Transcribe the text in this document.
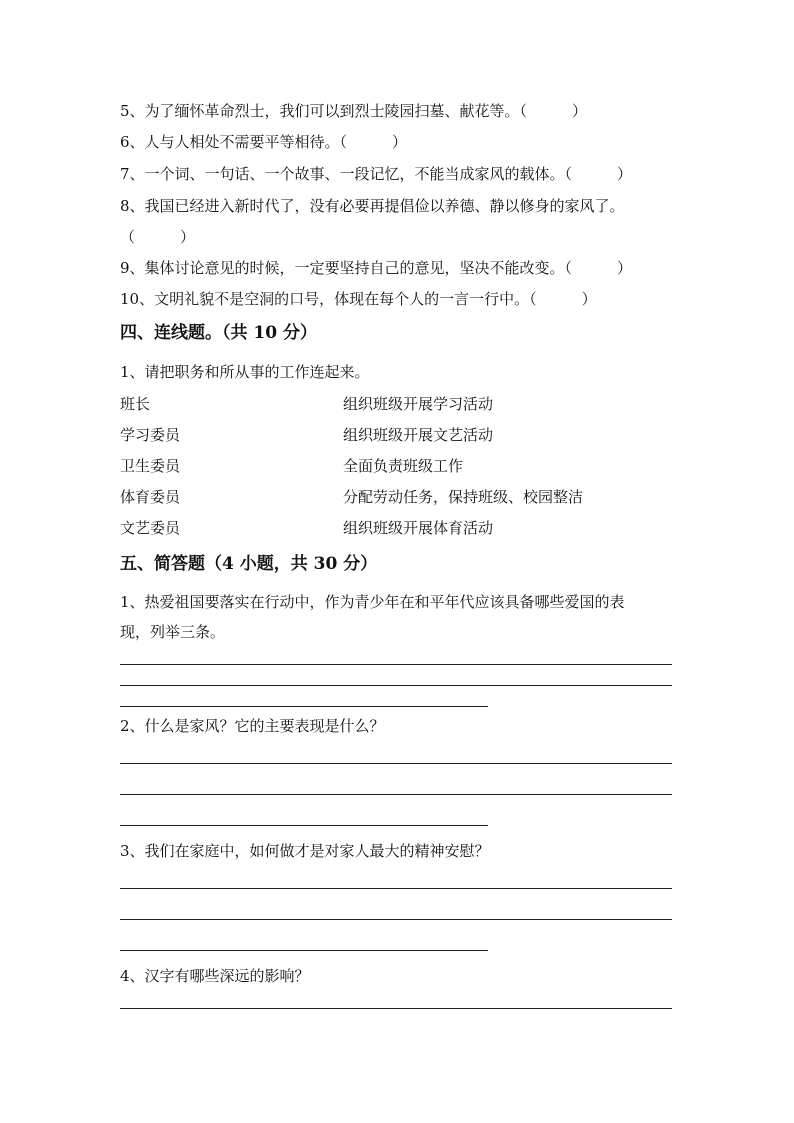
5、为了缅怀革命烈士，我们可以到烈士陵园扫墓、献花等。（　　　）
6、人与人相处不需要平等相待。（　　　）
7、一个词、一句话、一个故事、一段记忆，不能当成家风的载体。（　　　）
8、我国已经进入新时代了，没有必要再提倡俭以养德、静以修身的家风了。
（　　　）
9、集体讨论意见的时候，一定要坚持自己的意见，坚决不能改变。（　　　）
10、文明礼貌不是空洞的口号，体现在每个人的一言一行中。（　　　）
四、连线题。（共 10 分）
1、请把职务和所从事的工作连起来。
班长
学习委员
卫生委员
体育委员
文艺委员
组织班级开展学习活动
组织班级开展文艺活动
全面负责班级工作
分配劳动任务，保持班级、校园整洁
组织班级开展体育活动
五、简答题（4 小题，共 30 分）
1、热爱祖国要落实在行动中，作为青少年在和平年代应该具备哪些爱国的表
现，列举三条。
2、什么是家风？它的主要表现是什么？
3、我们在家庭中，如何做才是对家人最大的精神安慰？
4、汉字有哪些深远的影响？
